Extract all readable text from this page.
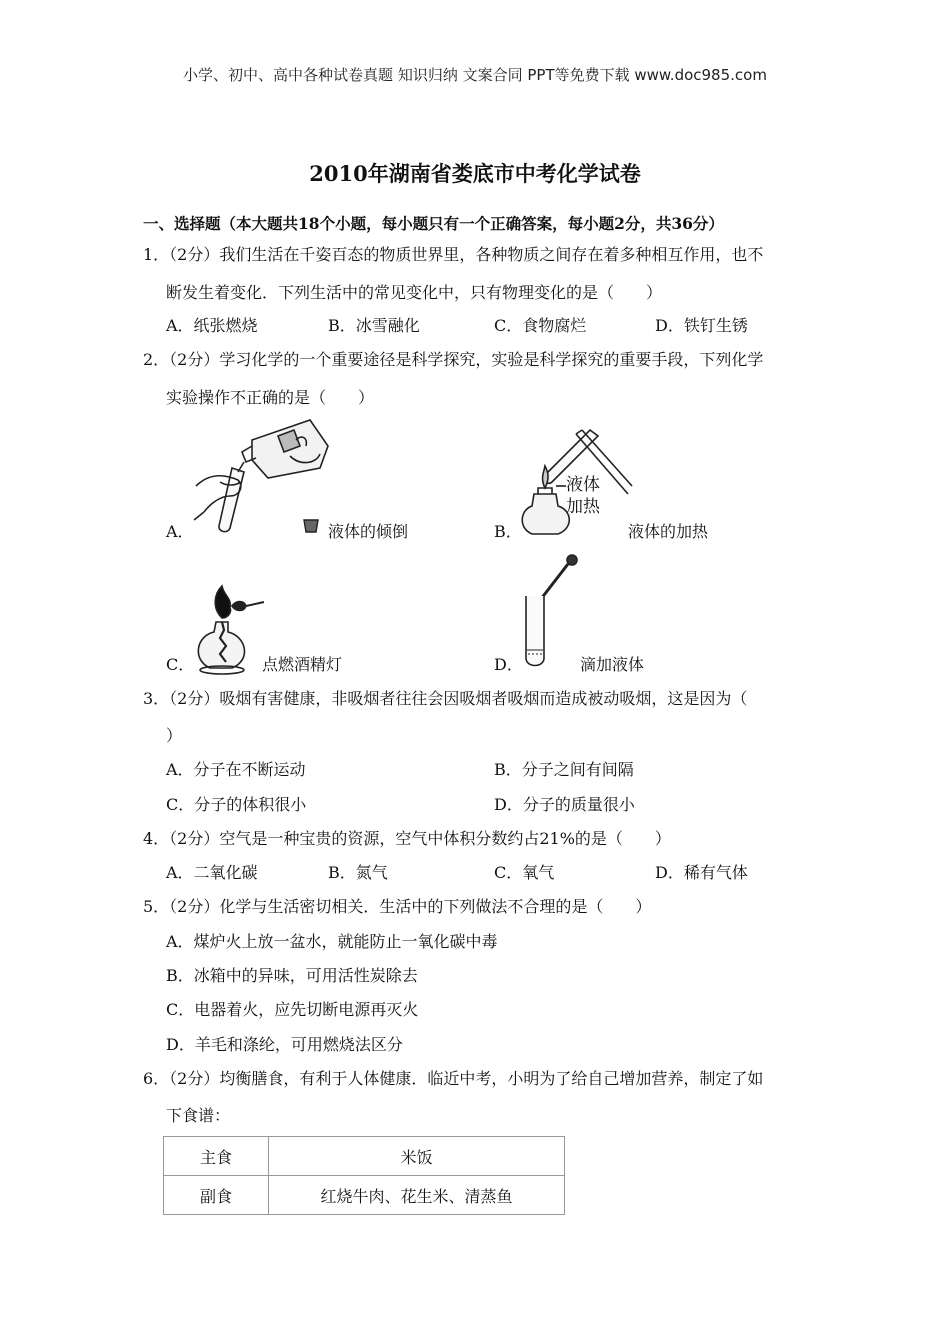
小学、初中、高中各种试卷真题 知识归纳 文案合同 PPT等免费下载 www.doc985.com
2010年湖南省娄底市中考化学试卷
一、选择题（本大题共18个小题，每小题只有一个正确答案，每小题2分，共36分）
1．（2分）我们生活在千姿百态的物质世界里，各种物质之间存在着多种相互作用，也不
断发生着变化．下列生活中的常见变化中，只有物理变化的是（　　）
A．纸张燃烧	B．冰雪融化	C．食物腐烂	D．铁钉生锈
2．（2分）学习化学的一个重要途径是科学探究，实验是科学探究的重要手段，下列化学
实验操作不正确的是（　　）
A．	液体的倾倒
液体
加热
B．	液体的加热
C．	点燃酒精灯	D．	滴加液体
3．（2分）吸烟有害健康，非吸烟者往往会因吸烟者吸烟而造成被动吸烟，这是因为（
）
A．分子在不断运动	B．分子之间有间隔
C．分子的体积很小	D．分子的质量很小
4．（2分）空气是一种宝贵的资源，空气中体积分数约占21%的是（　　）
A．二氧化碳	B．氮气	C．氧气	D．稀有气体
5．（2分）化学与生活密切相关．生活中的下列做法不合理的是（　　）
A．煤炉火上放一盆水，就能防止一氧化碳中毒
B．冰箱中的异味，可用活性炭除去
C．电器着火，应先切断电源再灭火
D．羊毛和涤纶，可用燃烧法区分
6．（2分）均衡膳食，有利于人体健康．临近中考，小明为了给自己增加营养，制定了如
下食谱：
主食	米饭
副食	红烧牛肉、花生米、清蒸鱼
